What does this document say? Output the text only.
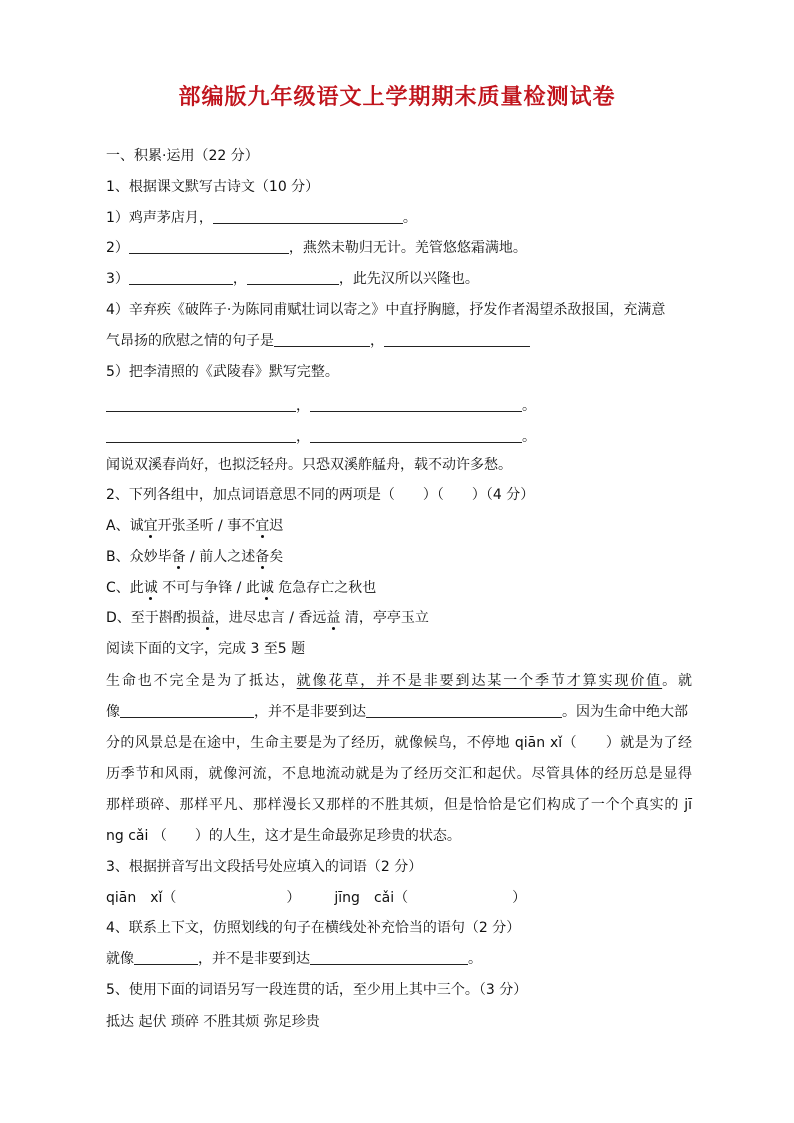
部编版九年级语文上学期期末质量检测试卷
一、积累·运用（22 分）
1、根据课文默写古诗文（10 分）
1）鸡声茅店月，	。
2）	，燕然未勒归无计。羌管悠悠霜满地。
3）	，	，此先汉所以兴隆也。
4）辛弃疾《破阵子·为陈同甫赋壮词以寄之》中直抒胸臆，抒发作者渴望杀敌报国，充满意
气昂扬的欣慰之情的句子是	，
5）把李清照的《武陵春》默写完整。
，	。
，	。
闻说双溪春尚好，也拟泛轻舟。只恐双溪舴艋舟，载不动许多愁。
2、下列各组中，加点词语意思不同的两项是（　　）（　　）（4 分）
A、诚宜开张圣听 / 事不宜迟
B、众妙毕备 / 前人之述备矣
C、此诚 不可与争锋 / 此诚 危急存亡之秋也
D、至于斟酌损益，进尽忠言 / 香远益 清，亭亭玉立
阅读下面的文字，完成 3 至5 题
生命也不完全是为了抵达，就像花草，并不是非要到达某一个季节才算实现价值。就
像	，并不是非要到达	。因为生命中绝大部
分的风景总是在途中，生命主要是为了经历，就像候鸟，不停地 qiān xǐ（　　）就是为了经
历季节和风雨，就像河流，不息地流动就是为了经历交汇和起伏。尽管具体的经历总是显得
那样琐碎、那样平凡、那样漫长又那样的不胜其烦，但是恰恰是它们构成了一个个真实的 jī
ng cǎi （　　）的人生，这才是生命最弥足珍贵的状态。
3、根据拼音写出文段括号处应填入的词语（2 分）
qiān　xǐ（	） jīng　cǎi（	）
4、联系上下文，仿照划线的句子在横线处补充恰当的语句（2 分）
就像	，并不是非要到达	。
5、使用下面的词语另写一段连贯的话，至少用上其中三个。（3 分）
抵达 起伏 琐碎 不胜其烦 弥足珍贵
